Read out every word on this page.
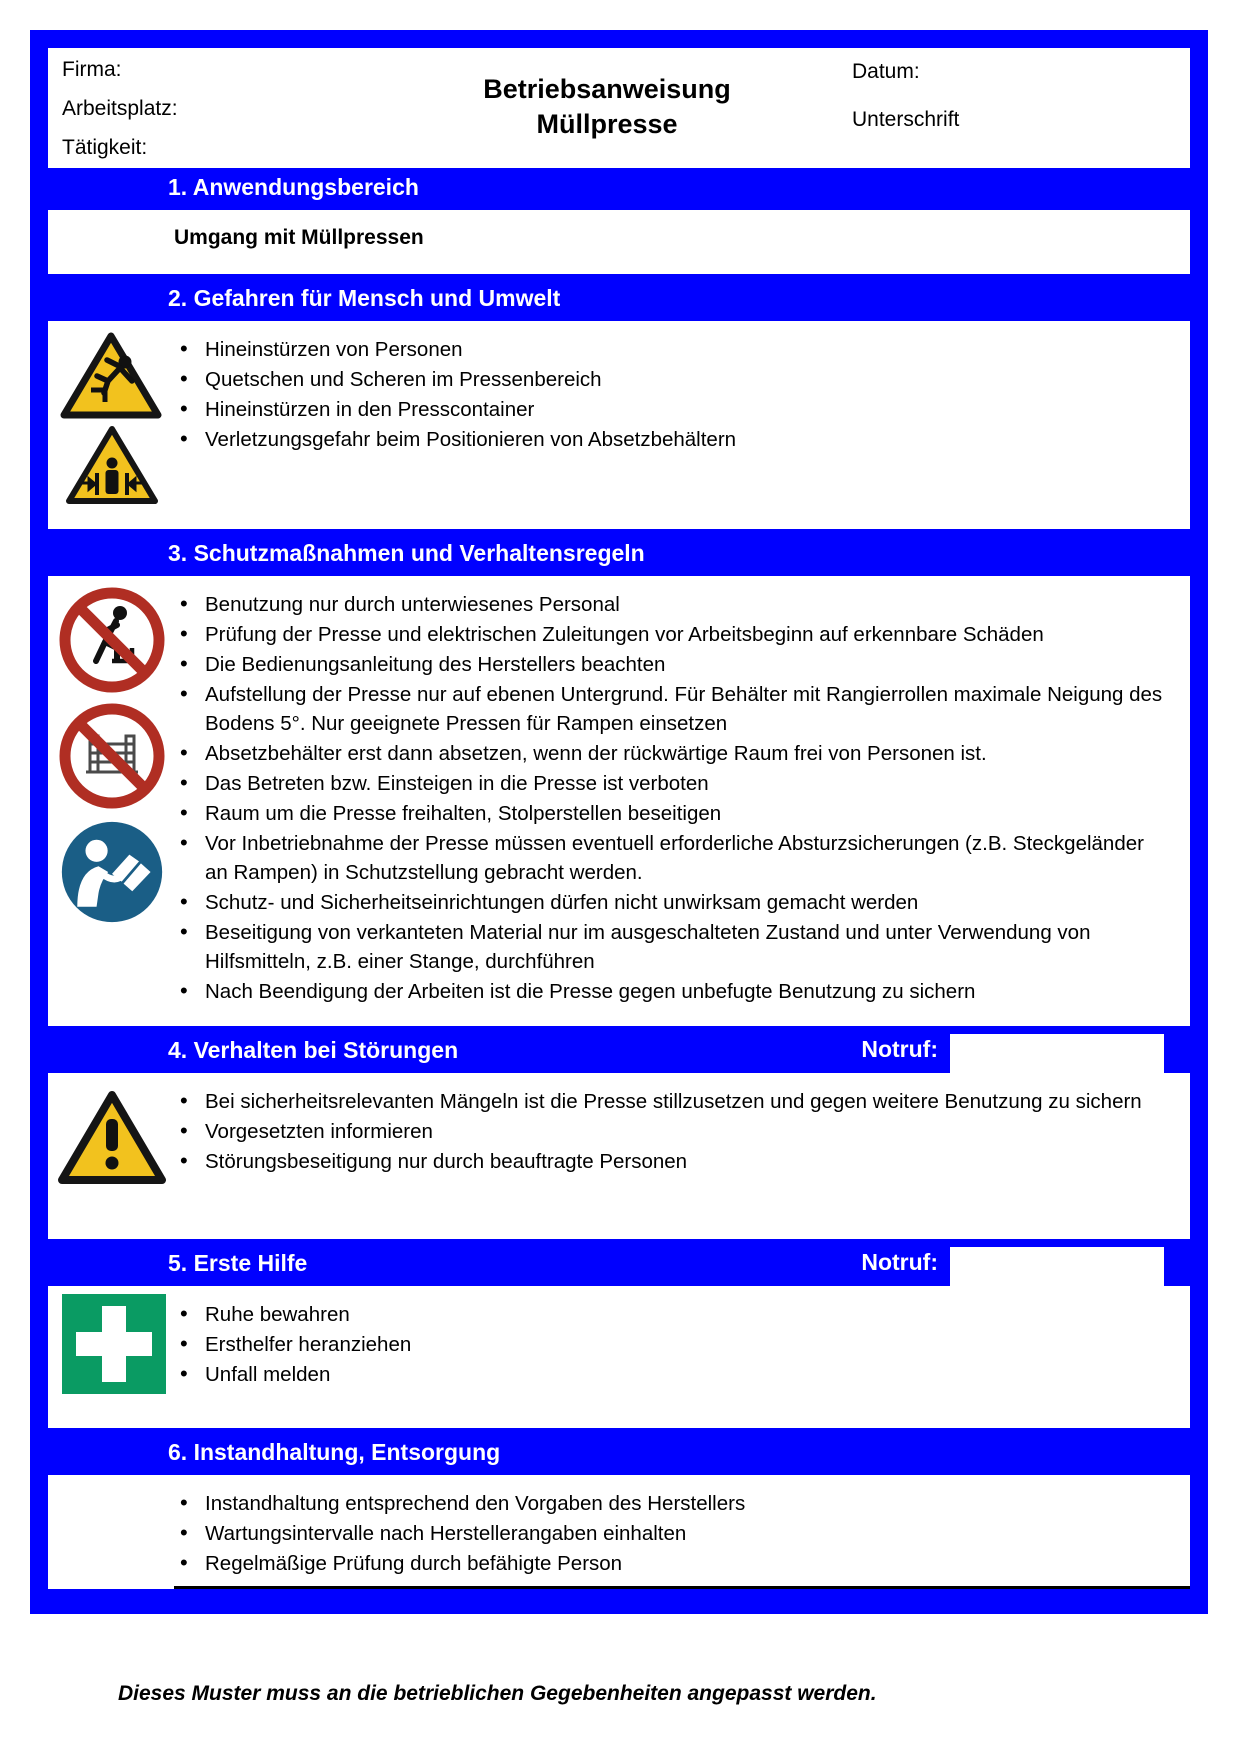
Firma:
Arbeitsplatz:
Tätigkeit:
Betriebsanweisung
Müllpresse
Datum:
Unterschrift
1. Anwendungsbereich
Umgang mit Müllpressen
2. Gefahren für Mensch und Umwelt
• Hineinstürzen von Personen
• Quetschen und Scheren im Pressenbereich
• Hineinstürzen in den Presscontainer
• Verletzungsgefahr beim Positionieren von Absetzbehältern
3. Schutzmaßnahmen und Verhaltensregeln
• Benutzung nur durch unterwiesenes Personal
• Prüfung der Presse und elektrischen Zuleitungen vor Arbeitsbeginn auf erkennbare Schäden
• Die Bedienungsanleitung des Herstellers beachten
• Aufstellung der Presse nur auf ebenen Untergrund. Für Behälter mit Rangierrollen maximale Neigung des Bodens 5°. Nur geeignete Pressen für Rampen einsetzen
• Absetzbehälter erst dann absetzen, wenn der rückwärtige Raum frei von Personen ist.
• Das Betreten bzw. Einsteigen in die Presse ist verboten
• Raum um die Presse freihalten, Stolperstellen beseitigen
• Vor Inbetriebnahme der Presse müssen eventuell erforderliche Absturzsicherungen (z.B. Steckgeländer an Rampen) in Schutzstellung gebracht werden.
• Schutz- und Sicherheitseinrichtungen dürfen nicht unwirksam gemacht werden
• Beseitigung von verkanteten Material nur im ausgeschalteten Zustand und unter Verwendung von Hilfsmitteln, z.B. einer Stange, durchführen
• Nach Beendigung der Arbeiten ist die Presse gegen unbefugte Benutzung zu sichern
4. Verhalten bei Störungen	Notruf:
• Bei sicherheitsrelevanten Mängeln ist die Presse stillzusetzen und gegen weitere Benutzung zu sichern
• Vorgesetzten informieren
• Störungsbeseitigung nur durch beauftragte Personen
5. Erste Hilfe	Notruf:
• Ruhe bewahren
• Ersthelfer heranziehen
• Unfall melden
6. Instandhaltung, Entsorgung
• Instandhaltung entsprechend den Vorgaben des Herstellers
• Wartungsintervalle nach Herstellerangaben einhalten
• Regelmäßige Prüfung durch befähigte Person
Dieses Muster muss an die betrieblichen Gegebenheiten angepasst werden.
